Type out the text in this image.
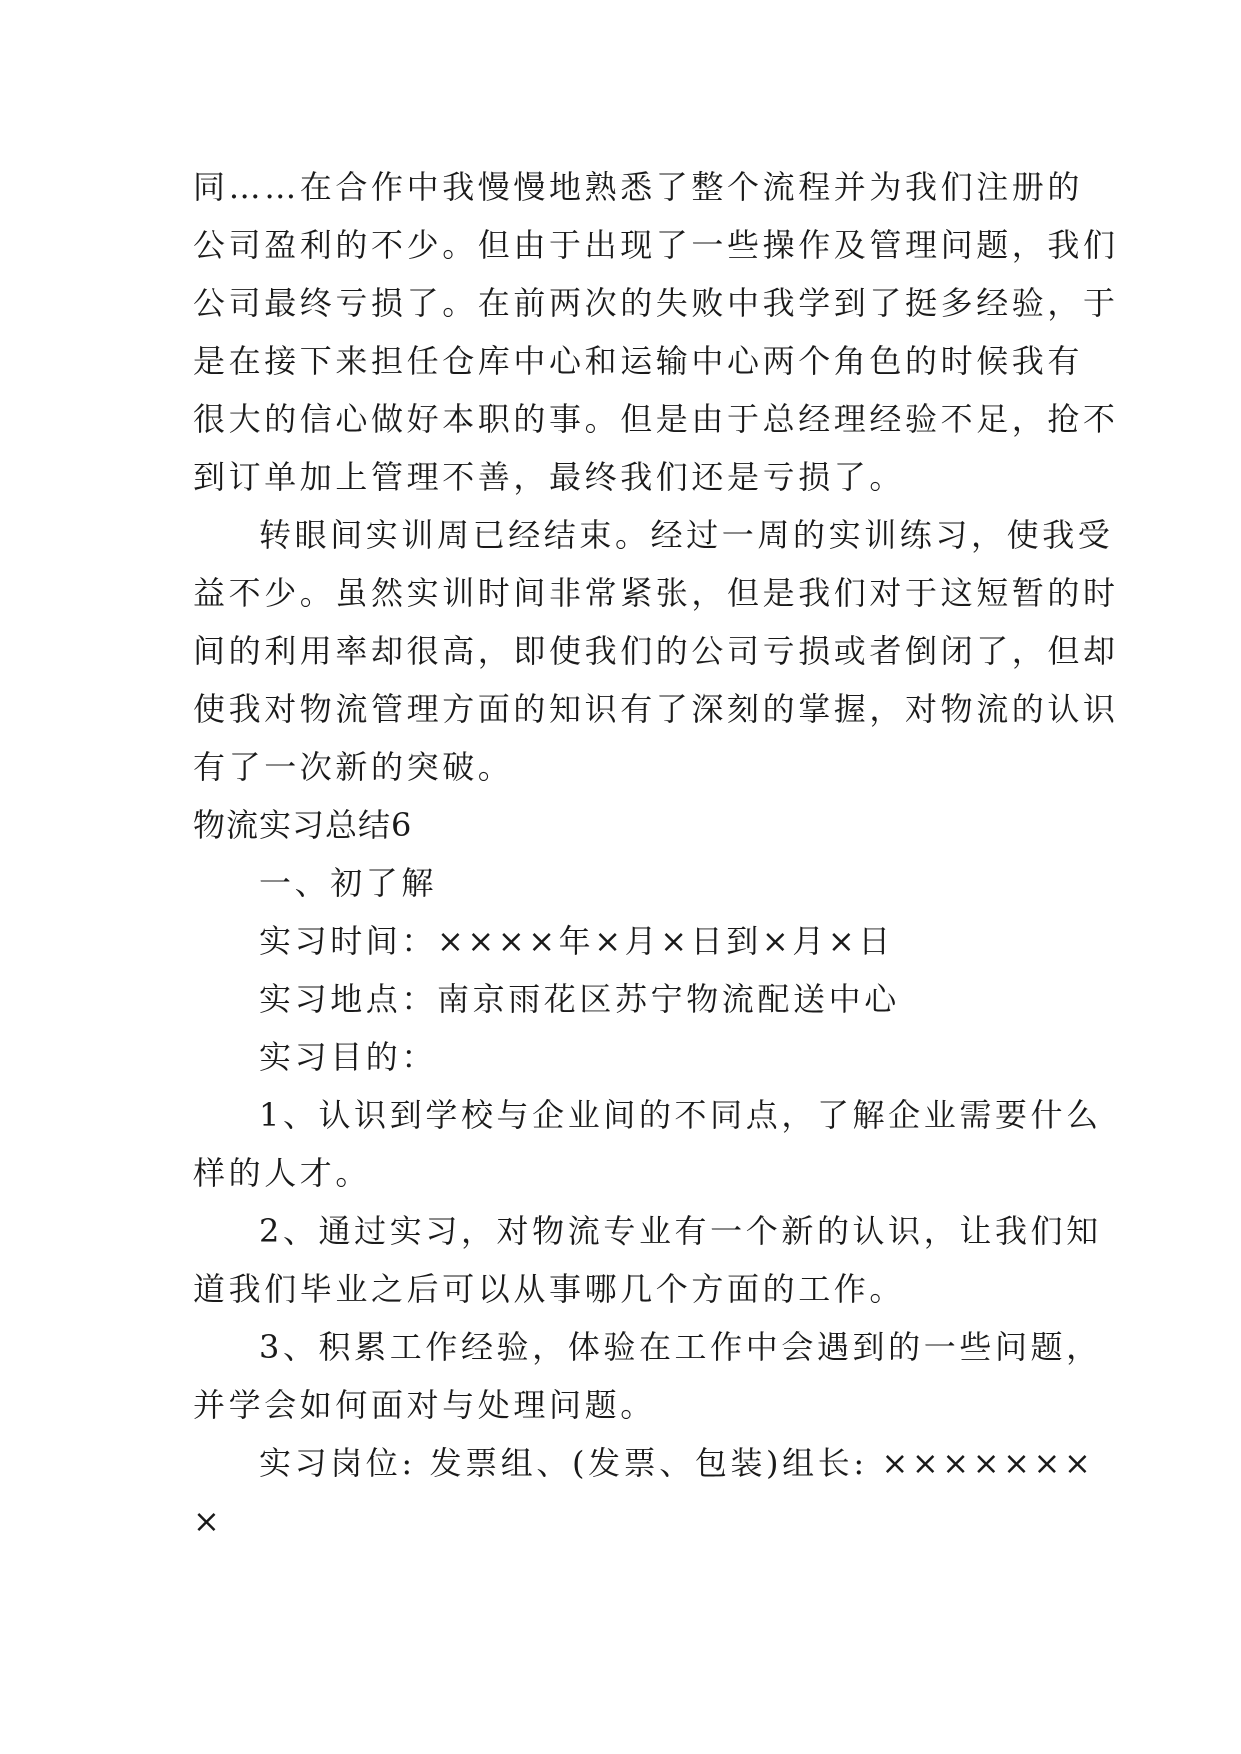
同……在合作中我慢慢地熟悉了整个流程并为我们注册的
公司盈利的不少。但由于出现了一些操作及管理问题，我们
公司最终亏损了。在前两次的失败中我学到了挺多经验，于
是在接下来担任仓库中心和运输中心两个角色的时候我有
很大的信心做好本职的事。但是由于总经理经验不足，抢不
到订单加上管理不善，最终我们还是亏损了。
转眼间实训周已经结束。经过一周的实训练习，使我受
益不少。虽然实训时间非常紧张，但是我们对于这短暂的时
间的利用率却很高，即使我们的公司亏损或者倒闭了，但却
使我对物流管理方面的知识有了深刻的掌握，对物流的认识
有了一次新的突破。
物流实习总结6
一、初了解
实习时间：××××年×月×日到×月×日
实习地点：南京雨花区苏宁物流配送中心
实习目的：
1、认识到学校与企业间的不同点，了解企业需要什么
样的人才。
2、通过实习，对物流专业有一个新的认识，让我们知
道我们毕业之后可以从事哪几个方面的工作。
3、积累工作经验，体验在工作中会遇到的一些问题，
并学会如何面对与处理问题。
实习岗位: 发票组、(发票、包装)组长: ×××××××
×
